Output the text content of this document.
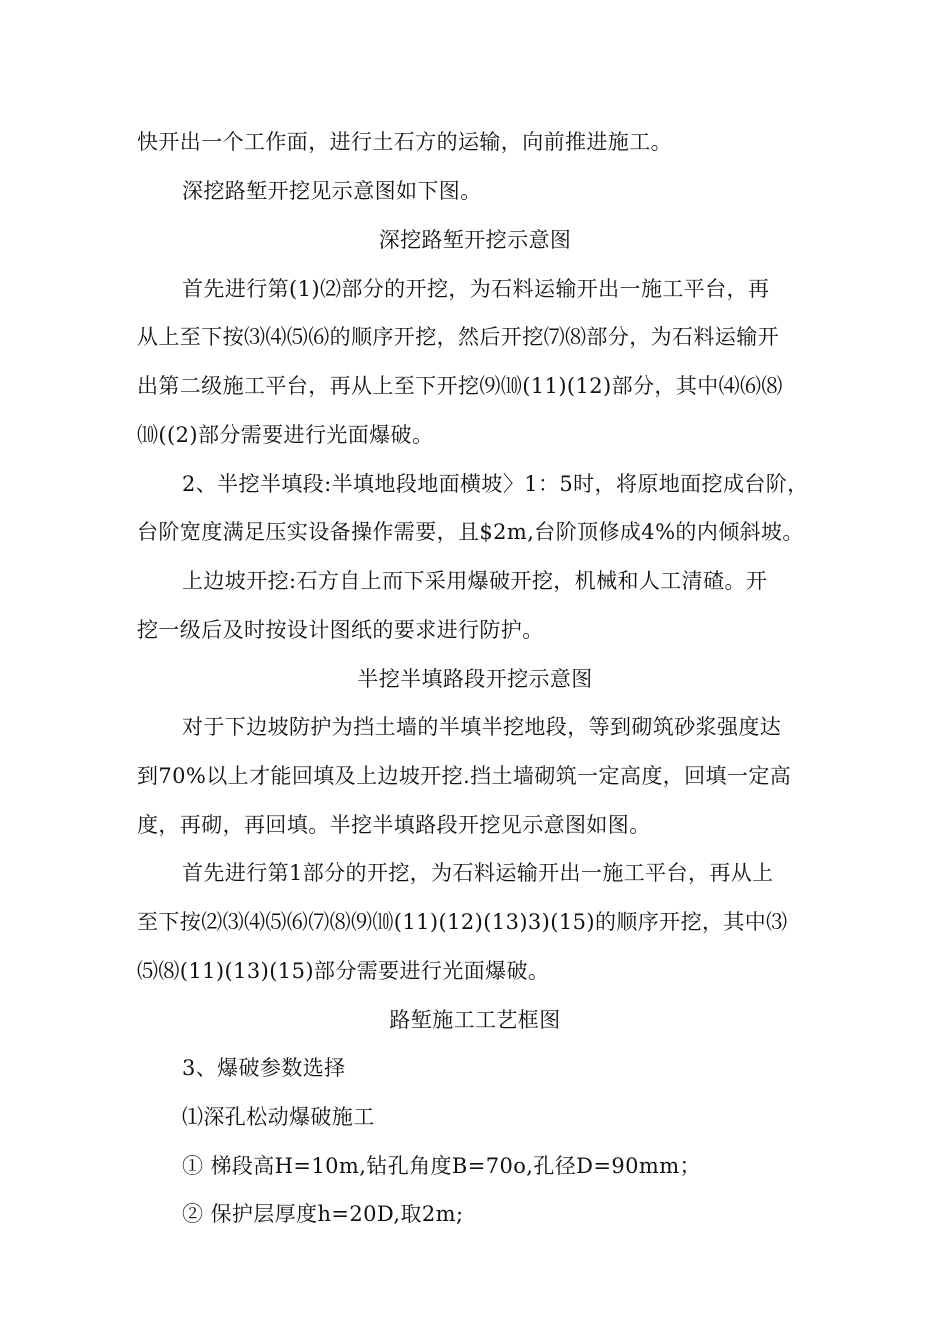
快开出一个工作面，进行土石方的运输，向前推进施工。

深挖路堑开挖见示意图如下图。

深挖路堑开挖示意图

首先进行第(1)⑵部分的开挖，为石料运输开出一施工平台，再

从上至下按⑶⑷⑸⑹的顺序开挖，然后开挖⑺⑻部分，为石料运输开

出第二级施工平台，再从上至下开挖⑼⑽(11)(12)部分，其中⑷⑹⑻

⑽((2)部分需要进行光面爆破。

2、半挖半填段:半填地段地面横坡〉1：5时，将原地面挖成台阶，

台阶宽度满足压实设备操作需要，且$2m,台阶顶修成4%的内倾斜坡。

上边坡开挖:石方自上而下采用爆破开挖，机械和人工清碴。开

挖一级后及时按设计图纸的要求进行防护。

半挖半填路段开挖示意图

对于下边坡防护为挡土墙的半填半挖地段，等到砌筑砂浆强度达

到70%以上才能回填及上边坡开挖.挡土墙砌筑一定高度，回填一定高

度，再砌，再回填。半挖半填路段开挖见示意图如图。

首先进行第1部分的开挖，为石料运输开出一施工平台，再从上

至下按⑵⑶⑷⑸⑹⑺⑻⑼⑽(11)(12)(13)3)(15)的顺序开挖，其中⑶

⑸⑻(11)(13)(15)部分需要进行光面爆破。

路堑施工工艺框图

3、爆破参数选择

⑴深孔松动爆破施工

① 梯段高H=10m,钻孔角度B=70o,孔径D=90mm；

② 保护层厚度h=20D,取2m;
